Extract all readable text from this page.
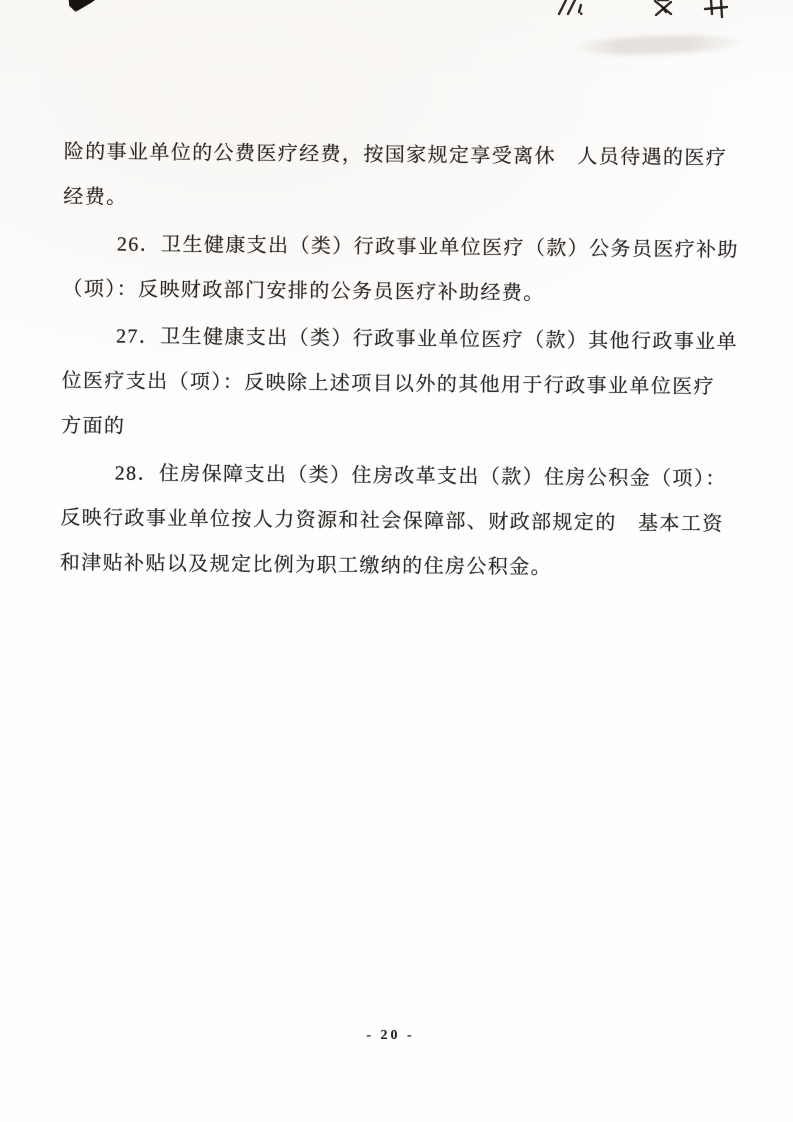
险的事业单位的公费医疗经费，按国家规定享受离休　人员待遇的医疗
经费。

26．卫生健康支出（类）行政事业单位医疗（款）公务员医疗补助
（项）：反映财政部门安排的公务员医疗补助经费。

27．卫生健康支出（类）行政事业单位医疗（款）其他行政事业单
位医疗支出（项）：反映除上述项目以外的其他用于行政事业单位医疗
方面的

28．住房保障支出（类）住房改革支出（款）住房公积金（项）：
反映行政事业单位按人力资源和社会保障部、财政部规定的　基本工资
和津贴补贴以及规定比例为职工缴纳的住房公积金。

- 20 -
